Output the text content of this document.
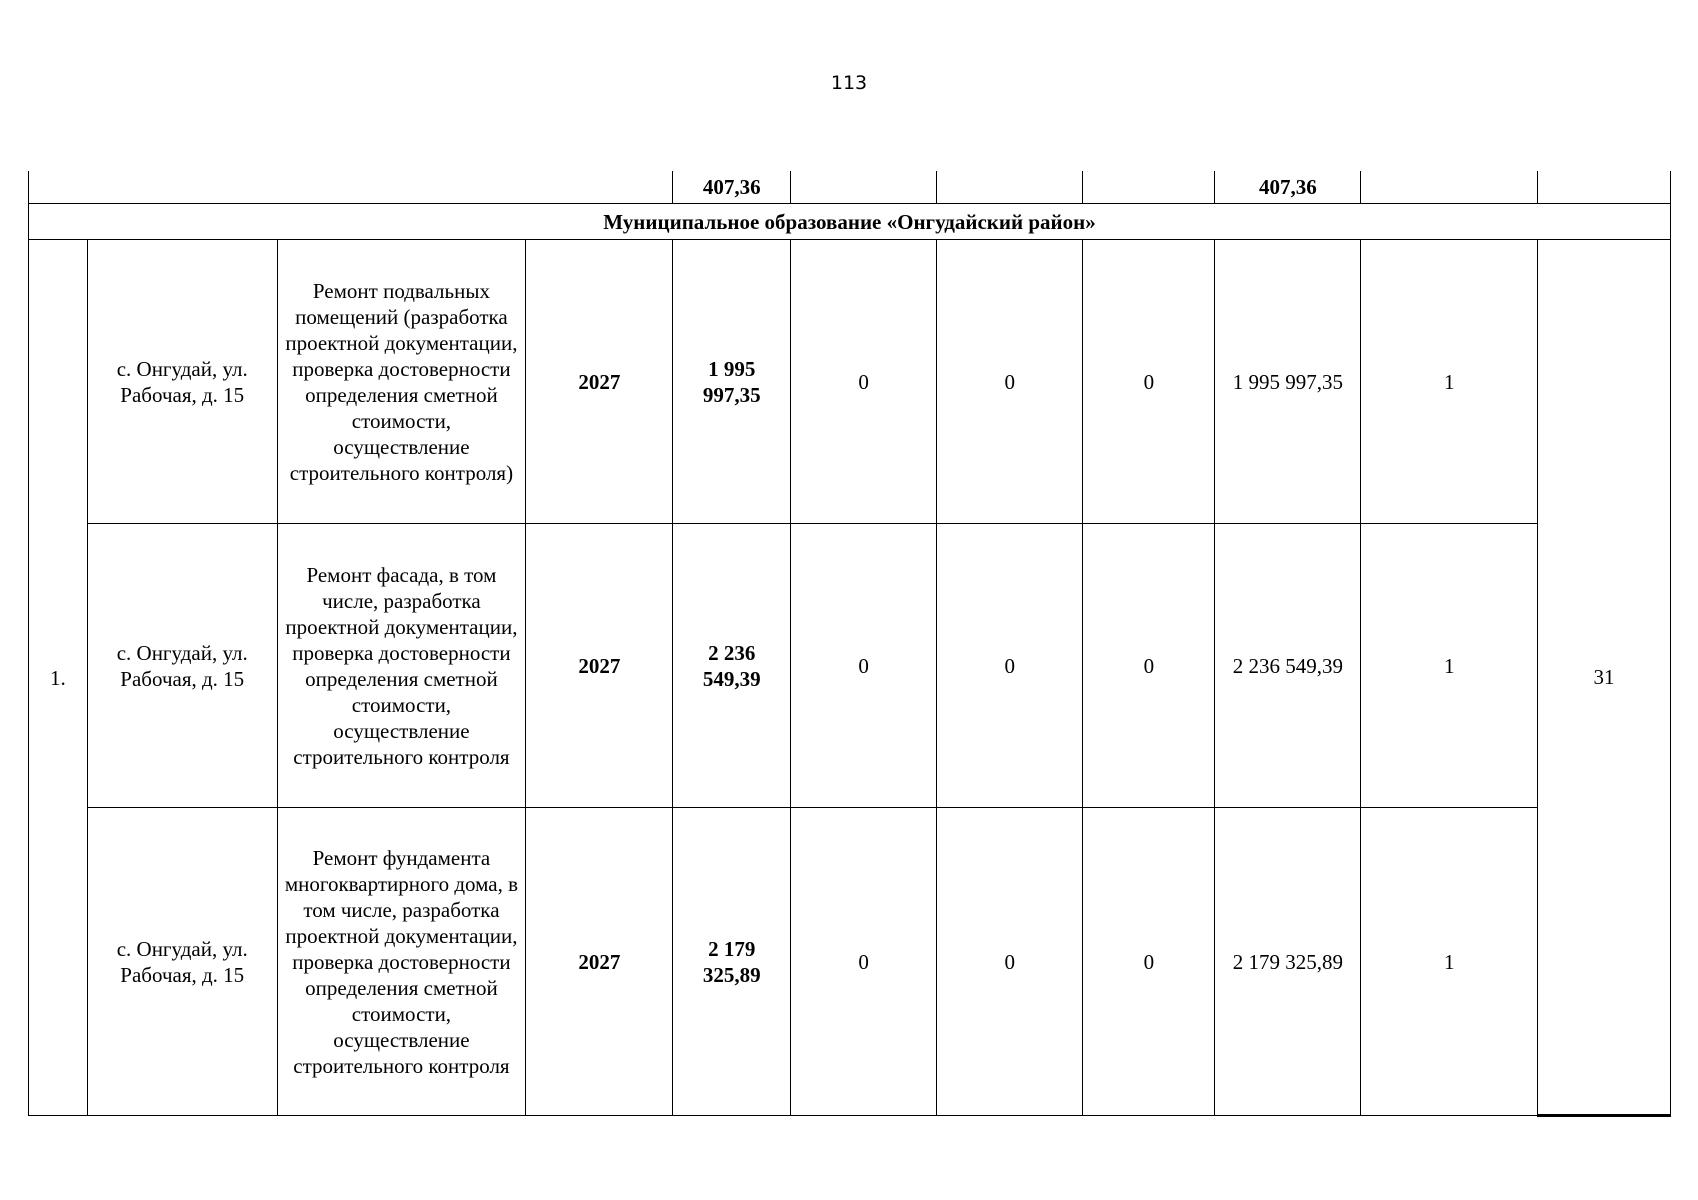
113
				407,36				407,36		
Муниципальное образование «Онгудайский район»										
1.	с. Онгудай, ул. Рабочая, д. 15	Ремонт подвальных помещений (разработка проектной документации, проверка достоверности определения сметной стоимости, осуществление строительного контроля)	2027	1 995 997,35	0	0	0	1 995 997,35	1	31
	с. Онгудай, ул. Рабочая, д. 15	Ремонт фасада, в том числе, разработка проектной документации, проверка достоверности определения сметной стоимости, осуществление строительного контроля	2027	2 236 549,39	0	0	0	2 236 549,39	1	
	с. Онгудай, ул. Рабочая, д. 15	Ремонт фундамента многоквартирного дома, в том числе, разработка проектной документации, проверка достоверности определения сметной стоимости, осуществление строительного контроля	2027	2 179 325,89	0	0	0	2 179 325,89	1	
